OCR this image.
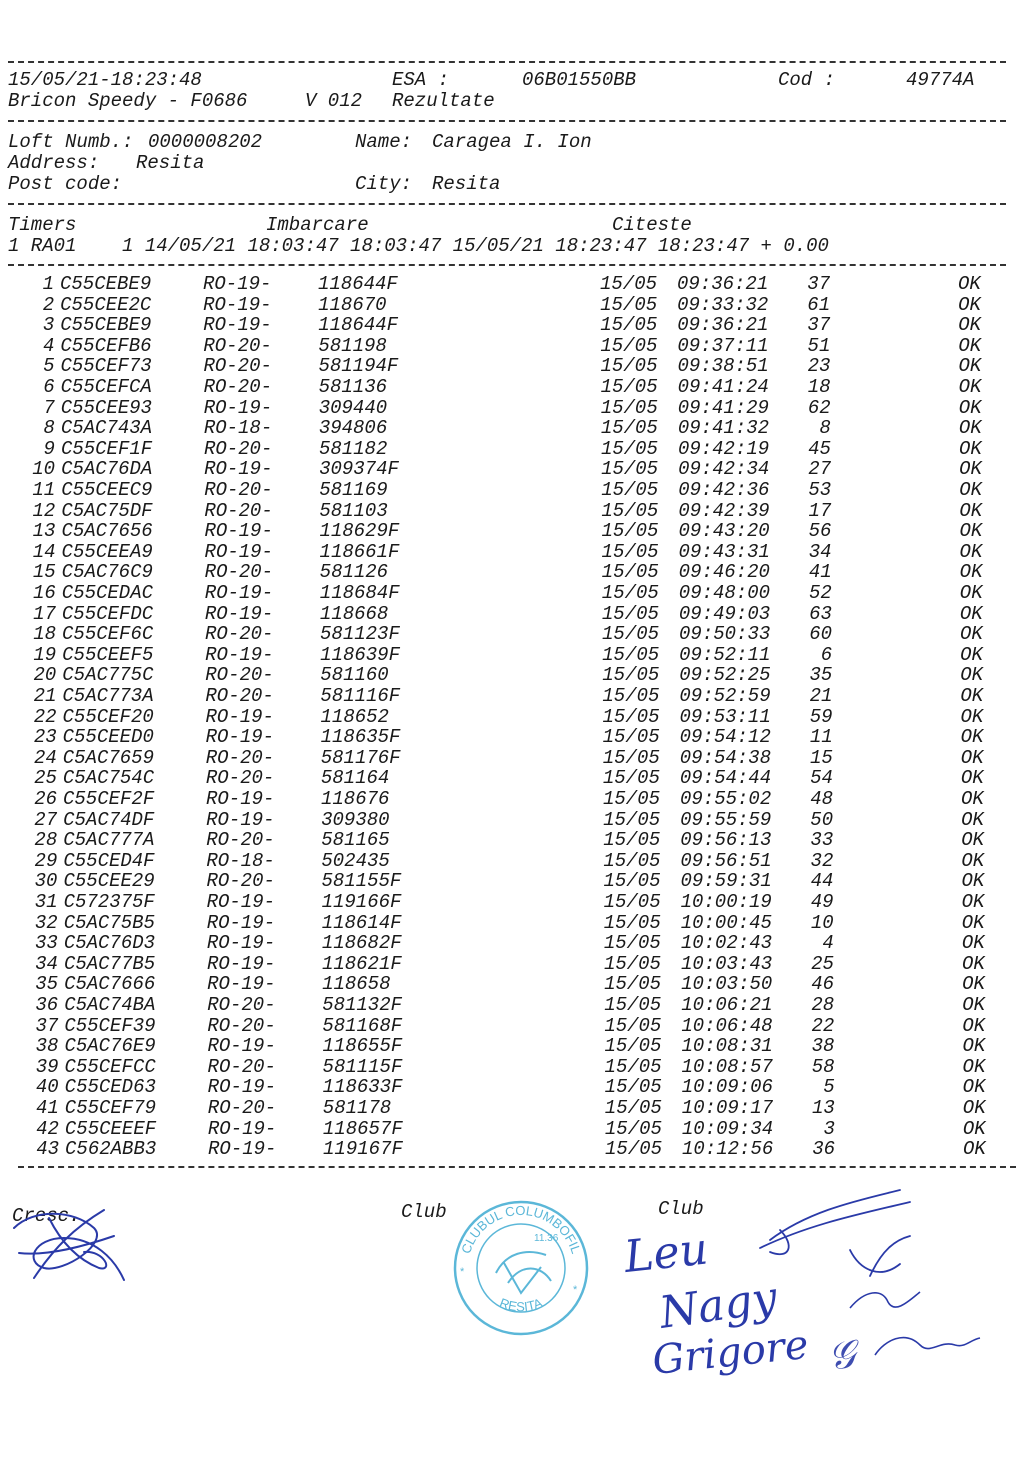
15/05/21-18:23:48	ESA :	06B01550BB	Cod :	49774A
Bricon Speedy - F0686	V 012 Rezultate
Loft Numb.: 0000008202	Name: Caragea I. Ion
Address: Resita
Post code:	City: Resita
Timers	Imbarcare	Citeste
1 RA01    1 14/05/21 18:03:47 18:03:47 15/05/21 18:23:47 18:23:47 + 0.00
1 C55CEBE9	RO-19- 118644F	15/05 09:36:21	37	OK
2 C55CEE2C	RO-19- 118670	15/05 09:33:32	61	OK
3 C55CEBE9	RO-19- 118644F	15/05 09:36:21	37	OK
4 C55CEFB6	RO-20- 581198	15/05 09:37:11	51	OK
5 C55CEF73	RO-20- 581194F	15/05 09:38:51	23	OK
6 C55CEFCA	RO-20- 581136	15/05 09:41:24	18	OK
7 C55CEE93	RO-19- 309440	15/05 09:41:29	62	OK
8 C5AC743A	RO-18- 394806	15/05 09:41:32	8	OK
9 C55CEF1F	RO-20- 581182	15/05 09:42:19	45	OK
10 C5AC76DA	RO-19- 309374F	15/05 09:42:34	27	OK
11 C55CEEC9	RO-20- 581169	15/05 09:42:36	53	OK
12 C5AC75DF	RO-20- 581103	15/05 09:42:39	17	OK
13 C5AC7656	RO-19- 118629F	15/05 09:43:20	56	OK
14 C55CEEA9	RO-19- 118661F	15/05 09:43:31	34	OK
15 C5AC76C9	RO-20- 581126	15/05 09:46:20	41	OK
16 C55CEDAC	RO-19- 118684F	15/05 09:48:00	52	OK
17 C55CEFDC	RO-19- 118668	15/05 09:49:03	63	OK
18 C55CEF6C	RO-20- 581123F	15/05 09:50:33	60	OK
19 C55CEEF5	RO-19- 118639F	15/05 09:52:11	6	OK
20 C5AC775C	RO-20- 581160	15/05 09:52:25	35	OK
21 C5AC773A	RO-20- 581116F	15/05 09:52:59	21	OK
22 C55CEF20	RO-19- 118652	15/05 09:53:11	59	OK
23 C55CEED0	RO-19- 118635F	15/05 09:54:12	11	OK
24 C5AC7659	RO-20- 581176F	15/05 09:54:38	15	OK
25 C5AC754C	RO-20- 581164	15/05 09:54:44	54	OK
26 C55CEF2F	RO-19- 118676	15/05 09:55:02	48	OK
27 C5AC74DF	RO-19- 309380	15/05 09:55:59	50	OK
28 C5AC777A	RO-20- 581165	15/05 09:56:13	33	OK
29 C55CED4F	RO-18- 502435	15/05 09:56:51	32	OK
30 C55CEE29	RO-20- 581155F	15/05 09:59:31	44	OK
31 C572375F	RO-19- 119166F	15/05 10:00:19	49	OK
32 C5AC75B5	RO-19- 118614F	15/05 10:00:45	10	OK
33 C5AC76D3	RO-19- 118682F	15/05 10:02:43	4	OK
34 C5AC77B5	RO-19- 118621F	15/05 10:03:43	25	OK
35 C5AC7666	RO-19- 118658	15/05 10:03:50	46	OK
36 C5AC74BA	RO-20- 581132F	15/05 10:06:21	28	OK
37 C55CEF39	RO-20- 581168F	15/05 10:06:48	22	OK
38 C5AC76E9	RO-19- 118655F	15/05 10:08:31	38	OK
39 C55CEFCC	RO-20- 581115F	15/05 10:08:57	58	OK
40 C55CED63	RO-19- 118633F	15/05 10:09:06	5	OK
41 C55CEF79	RO-20- 581178	15/05 10:09:17	13	OK
42 C55CEEEF	RO-19- 118657F	15/05 10:09:34	3	OK
43 C562ABB3	RO-19- 119167F	15/05 10:12:56	36	OK
Cresc.	Club	Club
CLUBUL COLUMBOFIL
RESITA
11.36
*
*
Leu
Nagy
Grigore 𝒢
